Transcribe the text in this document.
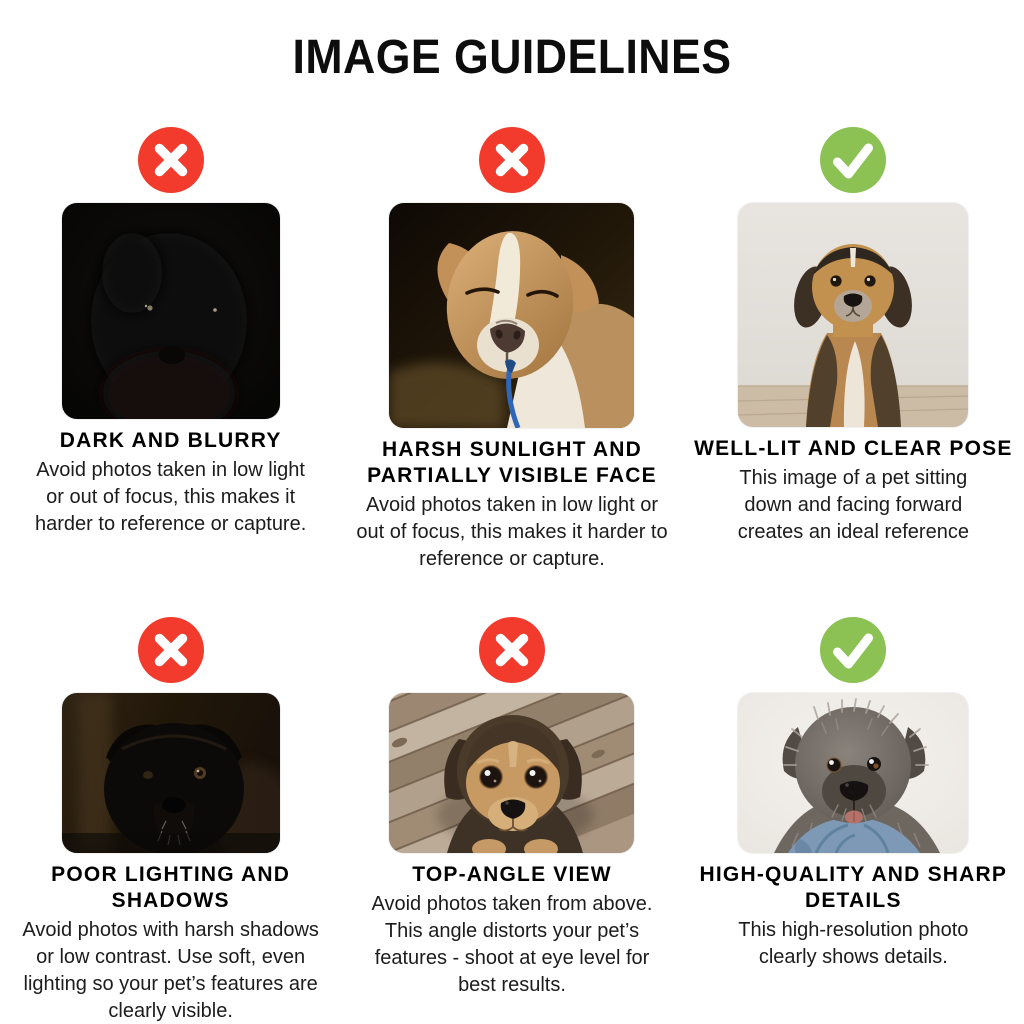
IMAGE GUIDELINES
DARK AND BLURRY

Avoid photos taken in low light or out of focus, this makes it harder to reference or capture.

HARSH SUNLIGHT AND PARTIALLY VISIBLE FACE

Avoid photos taken in low light or out of focus, this makes it harder to reference or capture.

WELL-LIT AND CLEAR POSE

This image of a pet sitting down and facing forward creates an ideal reference

POOR LIGHTING AND SHADOWS

Avoid photos with harsh shadows or low contrast. Use soft, even lighting so your pet’s features are clearly visible.

TOP-ANGLE VIEW

Avoid photos taken from above. This angle distorts your pet’s features - shoot at eye level for best results.

HIGH-QUALITY AND SHARP DETAILS

This high-resolution photo clearly shows details.
